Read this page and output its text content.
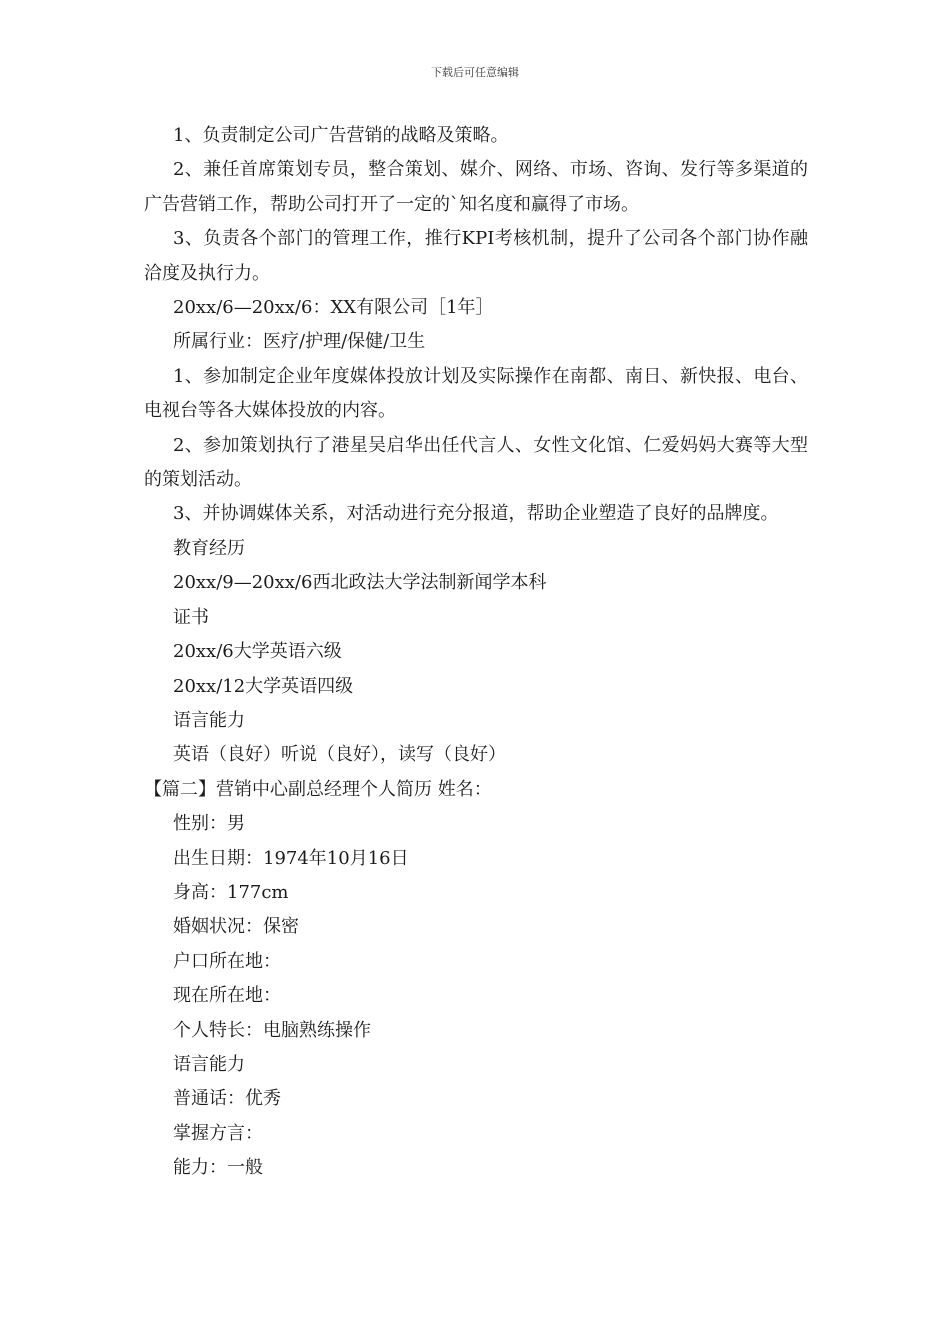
下载后可任意编辑

1、负责制定公司广告营销的战略及策略。

2、兼任首席策划专员，整合策划、媒介、网络、市场、咨询、发行等多渠道的广告营销工作，帮助公司打开了一定的`知名度和赢得了市场。

3、负责各个部门的管理工作，推行KPI考核机制，提升了公司各个部门协作融洽度及执行力。

20xx/6—20xx/6：XX有限公司［1年］

所属行业：医疗/护理/保健/卫生

1、参加制定企业年度媒体投放计划及实际操作在南都、南日、新快报、电台、电视台等各大媒体投放的内容。

2、参加策划执行了港星吴启华出任代言人、女性文化馆、仁爱妈妈大赛等大型的策划活动。

3、并协调媒体关系，对活动进行充分报道，帮助企业塑造了良好的品牌度。

教育经历

20xx/9—20xx/6西北政法大学法制新闻学本科

证书

20xx/6大学英语六级

20xx/12大学英语四级

语言能力

英语（良好）听说（良好），读写（良好）

【篇二】营销中心副总经理个人简历 姓名：

性别：男

出生日期：1974年10月16日

身高：177cm

婚姻状况：保密

户口所在地：

现在所在地：

个人特长：电脑熟练操作

语言能力

普通话：优秀

掌握方言：

能力：一般
